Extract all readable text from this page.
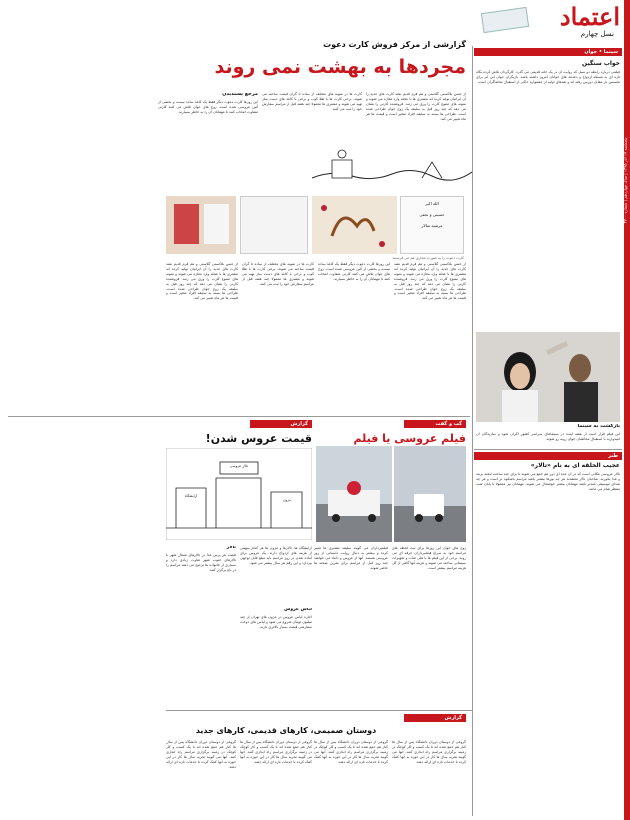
اعتماد
نسل چهارم
پنجشنبه ۱۷ آذر ۱۳۹۵ | سال چهاردهم | شماره ۳۷۰۰
سینما • جوان
خواب سنگین
فیلمی درباره رابطه دو نسل که روایت آن در یک خانه قدیمی می گذرد. کارگردان تلاش کرده نگاه تازه ای به مسئله ازدواج و دغدغه های جوانان امروز داشته باشد. بازیگران جوان این اثر برای نخستین بار مقابل دوربین رفته اند و نقدهای اولیه از جشنواره حاکی از استقبال تماشاگران است.
بازگشت به سینما
این فیلم قرار است از هفته آینده در سینماهای سراسر کشور اکران شود و سازندگان آن امیدوارند با استقبال مخاطبان جوان روبه رو شوند.
طنز
عجیب الخلقه ای به نام «تالار»
تالار عروسی مکانی است که در آن عده ای دور هم جمع می شوند تا برای چند ساعت لبخند بزنند و غذا بخورند. صاحبان تالار معتقدند هر چه نورها بیشتر باشد مراسم باشکوه تر است و هر چه صدای موسیقی بلندتر باشد مهمانان بیشتر خوشحال می شوند. مهمانان نیز معمولا تا پایان شب منتظر شام می مانند.
گزارشی از مرکز فروش کارت دعوت
مجردها به بهشت نمی روند
از جنس بلاکستی گلاستی و هم فرم قدیم نشد کارت های جدید را آن ایرانیان تولید کرده اند مشتری ها با عجله وارد مغازه می شوند و نمونه های متنوع کارت را ورق می زنند. فروشنده کارتی را نشان می دهد که چند روز قبل به سلیقه یک زوج جوان طراحی شده است. طراحی ها بسته به سلیقه افراد متغیر است و قیمت ها هر ماه تغییر می کند.
کارت ها در نمونه های مختلف از ساده تا گران قیمت ساخته می شوند. برخی کارت ها با طلا کوب و برخی با کاغذ های دست ساز تهیه می شوند و مشتری ها معمولا چند هفته قبل از مراسم سفارش خود را ثبت می کنند.
مرجع پسندیدن
این روزها کارت دعوت دیگر فقط یک کاغذ ساده نیست و بخشی از آئین عروسی شده است. زوج های جوان تلاش می کنند کارتی متفاوت انتخاب کنند تا مهمانان آن را به خاطر بسپارند.
الله اکبر
حسینی و نجفی
مرضیه سالار
کارت دعوت را به صورت مجازی هم می فرستند
از جنس بلاکستی گلاستی و هم فرم قدیم نشد کارت های جدید را آن ایرانیان تولید کرده اند مشتری ها با عجله وارد مغازه می شوند و نمونه های متنوع کارت را ورق می زنند. فروشنده کارتی را نشان می دهد که چند روز قبل به سلیقه یک زوج جوان طراحی شده است. طراحی ها بسته به سلیقه افراد متغیر است و قیمت ها هر ماه تغییر می کند.
کارت ها در نمونه های مختلف از ساده تا گران قیمت ساخته می شوند. برخی کارت ها با طلا کوب و برخی با کاغذ های دست ساز تهیه می شوند و مشتری ها معمولا چند هفته قبل از مراسم سفارش خود را ثبت می کنند.
این روزها کارت دعوت دیگر فقط یک کاغذ ساده نیست و بخشی از آئین عروسی شده است. زوج های جوان تلاش می کنند کارتی متفاوت انتخاب کنند تا مهمانان آن را به خاطر بسپارند.
از جنس بلاکستی گلاستی و هم فرم قدیم نشد کارت های جدید را آن ایرانیان تولید کرده اند مشتری ها با عجله وارد مغازه می شوند و نمونه های متنوع کارت را ورق می زنند. فروشنده کارتی را نشان می دهد که چند روز قبل به سلیقه یک زوج جوان طراحی شده است. طراحی ها بسته به سلیقه افراد متغیر است و قیمت ها هر ماه تغییر می کند.
گپ و گفت
فیلم عروسی یا فیلم
زوج های جوان این روزها برای ثبت لحظه های مراسم خود به سراغ فیلمبرداران حرفه ای می روند. برخی از این فیلم ها با هلی شات و تجهیزات سینمایی ساخته می شوند و هزینه آنها گاهی از کل هزینه مراسم بیشتر است.
فیلمبرداران می گویند سلیقه مشتری ها تغییر کرده و بیشتر به دنبال روایت داستانی از روز عروسی هستند. آنها از عروس و داماد می خواهند چند روز قبل از مراسم برای تمرین صحنه ها حاضر شوند.
گزارش
قیمت عروس شدن!
تالار عروسی
آرایشگاه
مزون
آرایشگاه ها، تالارها و مزون ها هر کدام سهمی از هزینه های ازدواج دارند. یک عروس برای آماده شدن در روز مراسم باید مبلغ قابل توجهی بپردازد و این رقم هر سال بیشتر می شود.
لباس عروس
اجاره لباس عروس در مزون های تهران از چند میلیون تومان شروع می شود و لباس های دوخت سفارشی قیمت بسیار بالاتری دارند.
تالار
قیمت هر پرس غذا در تالارهای شمال شهر با تالارهای جنوب شهر تفاوت زیادی دارد و بسیاری از خانواده ها ترجیح می دهند مراسم را در باغ برگزار کنند.
گزارش
دوستان صمیمی، کارهای قدیمی، کارهای جدید
گروهی از دوستان دوران دانشگاه پس از سال ها کنار هم جمع شده اند تا یک کسب و کار کوچک در زمینه برگزاری مراسم راه اندازی کنند. آنها می گویند تجربه سال ها کار در این حوزه به آنها کمک کرده تا خدمات تازه ای ارائه دهند.
گروهی از دوستان دوران دانشگاه پس از سال ها کنار هم جمع شده اند تا یک کسب و کار کوچک در زمینه برگزاری مراسم راه اندازی کنند. آنها می گویند تجربه سال ها کار در این حوزه به آنها کمک کرده تا خدمات تازه ای ارائه دهند.
گروهی از دوستان دوران دانشگاه پس از سال ها کنار هم جمع شده اند تا یک کسب و کار کوچک در زمینه برگزاری مراسم راه اندازی کنند. آنها می گویند تجربه سال ها کار در این حوزه به آنها کمک کرده تا خدمات تازه ای ارائه دهند.
گروهی از دوستان دوران دانشگاه پس از سال ها کنار هم جمع شده اند تا یک کسب و کار کوچک در زمینه برگزاری مراسم راه اندازی کنند. آنها می گویند تجربه سال ها کار در این حوزه به آنها کمک کرده تا خدمات تازه ای ارائه دهند.
